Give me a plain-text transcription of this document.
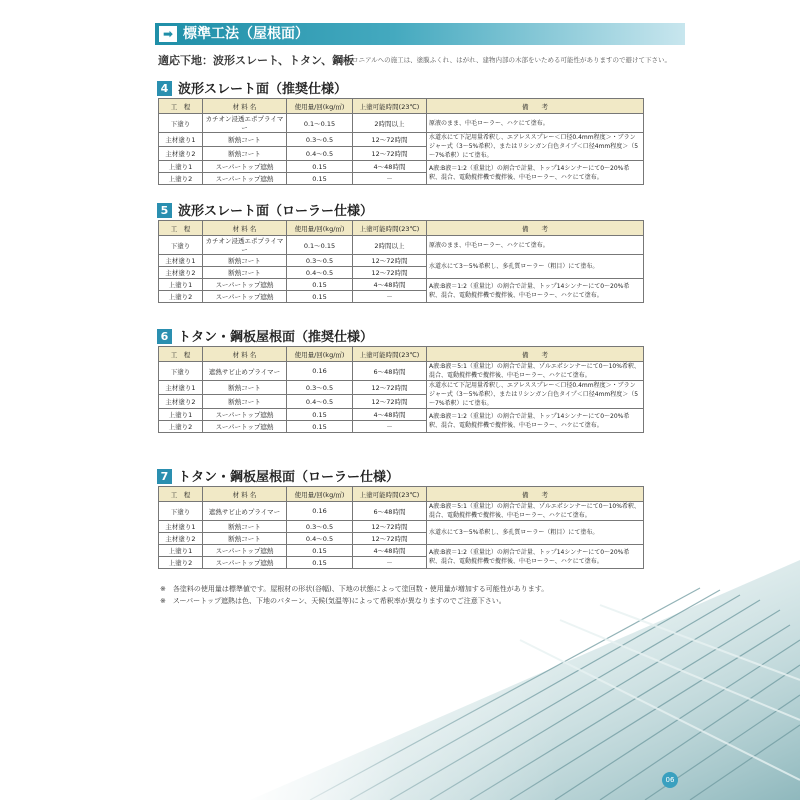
➡ 標準工法（屋根面）
適応下地：波形スレート、トタン、鋼板
※コロニアルへの施工は、塗膜ふくれ、はがれ、建物内部の木部をいためる可能性がありますので避けて下さい。
4 波形スレート面（推奨仕様）
工　程	材 料 名	使用量/回(kg/㎡)	上塗可能時間(23℃)	備　　考
下塗り	カチオン浸透エポプライマー	0.1～0.15	2時間以上	原液のまま、中毛ローラー、ハケにて塗布。
主材塗り1	断熱コート	0.3～0.5	12～72時間	水道水にて下記用量希釈し、エアレススプレー＜口径0.4mm程度＞・ブランジャー式（3～5%希釈）、またはリシンガン白色タイプ＜口径4mm程度＞（5～7%希釈）にて塗布。
主材塗り2	断熱コート	0.4～0.5	12～72時間	
上塗り1	スーパートップ遮熱	0.15	4～48時間	A液:B液＝1:2（重量比）の割合で計量、トップ14シンナーにて0～20%希釈、混合、電動撹拌機で攪拌後、中毛ローラー、ハケにて塗布。
上塗り2	スーパートップ遮熱	0.15	－	
5 波形スレート面（ローラー仕様）
工　程	材 料 名	使用量/回(kg/㎡)	上塗可能時間(23℃)	備　　考
下塗り	カチオン浸透エポプライマー	0.1～0.15	2時間以上	原液のまま、中毛ローラー、ハケにて塗布。
主材塗り1	断熱コート	0.3～0.5	12～72時間	水道水にて3～5%希釈し、多孔質ローラー（粗目）にて塗布。
主材塗り2	断熱コート	0.4～0.5	12～72時間	
上塗り1	スーパートップ遮熱	0.15	4～48時間	A液:B液＝1:2（重量比）の割合で計量、トップ14シンナーにて0～20%希釈、混合、電動撹拌機で攪拌後、中毛ローラー、ハケにて塗布。
上塗り2	スーパートップ遮熱	0.15	－	
6 トタン・鋼板屋根面（推奨仕様）
工　程	材 料 名	使用量/回(kg/㎡)	上塗可能時間(23℃)	備　　考
下塗り	遮熱サビ止めプライマー	0.16	6～48時間	A液:B液＝5:1（重量比）の割合で計量、ゾルエポシンナーにて0～10%希釈、混合、電動撹拌機で攪拌後、中毛ローラー、ハケにて塗布。
主材塗り1	断熱コート	0.3～0.5	12～72時間	水道水にて下記用量希釈し、エアレススプレー＜口径0.4mm程度＞・ブランジャー式（3～5%希釈）、またはリシンガン白色タイプ＜口径4mm程度＞（5～7%希釈）にて塗布。
主材塗り2	断熱コート	0.4～0.5	12～72時間	
上塗り1	スーパートップ遮熱	0.15	4～48時間	A液:B液＝1:2（重量比）の割合で計量、トップ14シンナーにて0～20%希釈、混合、電動撹拌機で攪拌後、中毛ローラー、ハケにて塗布。
上塗り2	スーパートップ遮熱	0.15	－	
7 トタン・鋼板屋根面（ローラー仕様）
工　程	材 料 名	使用量/回(kg/㎡)	上塗可能時間(23℃)	備　　考
下塗り	遮熱サビ止めプライマー	0.16	6～48時間	A液:B液＝5:1（重量比）の割合で計量、ゾルエポシンナーにて0～10%希釈、混合、電動撹拌機で攪拌後、中毛ローラー、ハケにて塗布。
主材塗り1	断熱コート	0.3～0.5	12～72時間	水道水にて3～5%希釈し、多孔質ローラー（粗目）にて塗布。
主材塗り2	断熱コート	0.4～0.5	12～72時間	
上塗り1	スーパートップ遮熱	0.15	4～48時間	A液:B液＝1:2（重量比）の割合で計量、トップ14シンナーにて0～20%希釈、混合、電動撹拌機で攪拌後、中毛ローラー、ハケにて塗布。
上塗り2	スーパートップ遮熱	0.15	－	
※　各塗料の使用量は標準値です。屋根材の形状(谷幅)、下地の状態によって塗回数・使用量が増加する可能性があります。
※　スーパートップ遮熱は色、下地のパターン、天候(気温等)によって希釈率が異なりますのでご注意下さい。
06
